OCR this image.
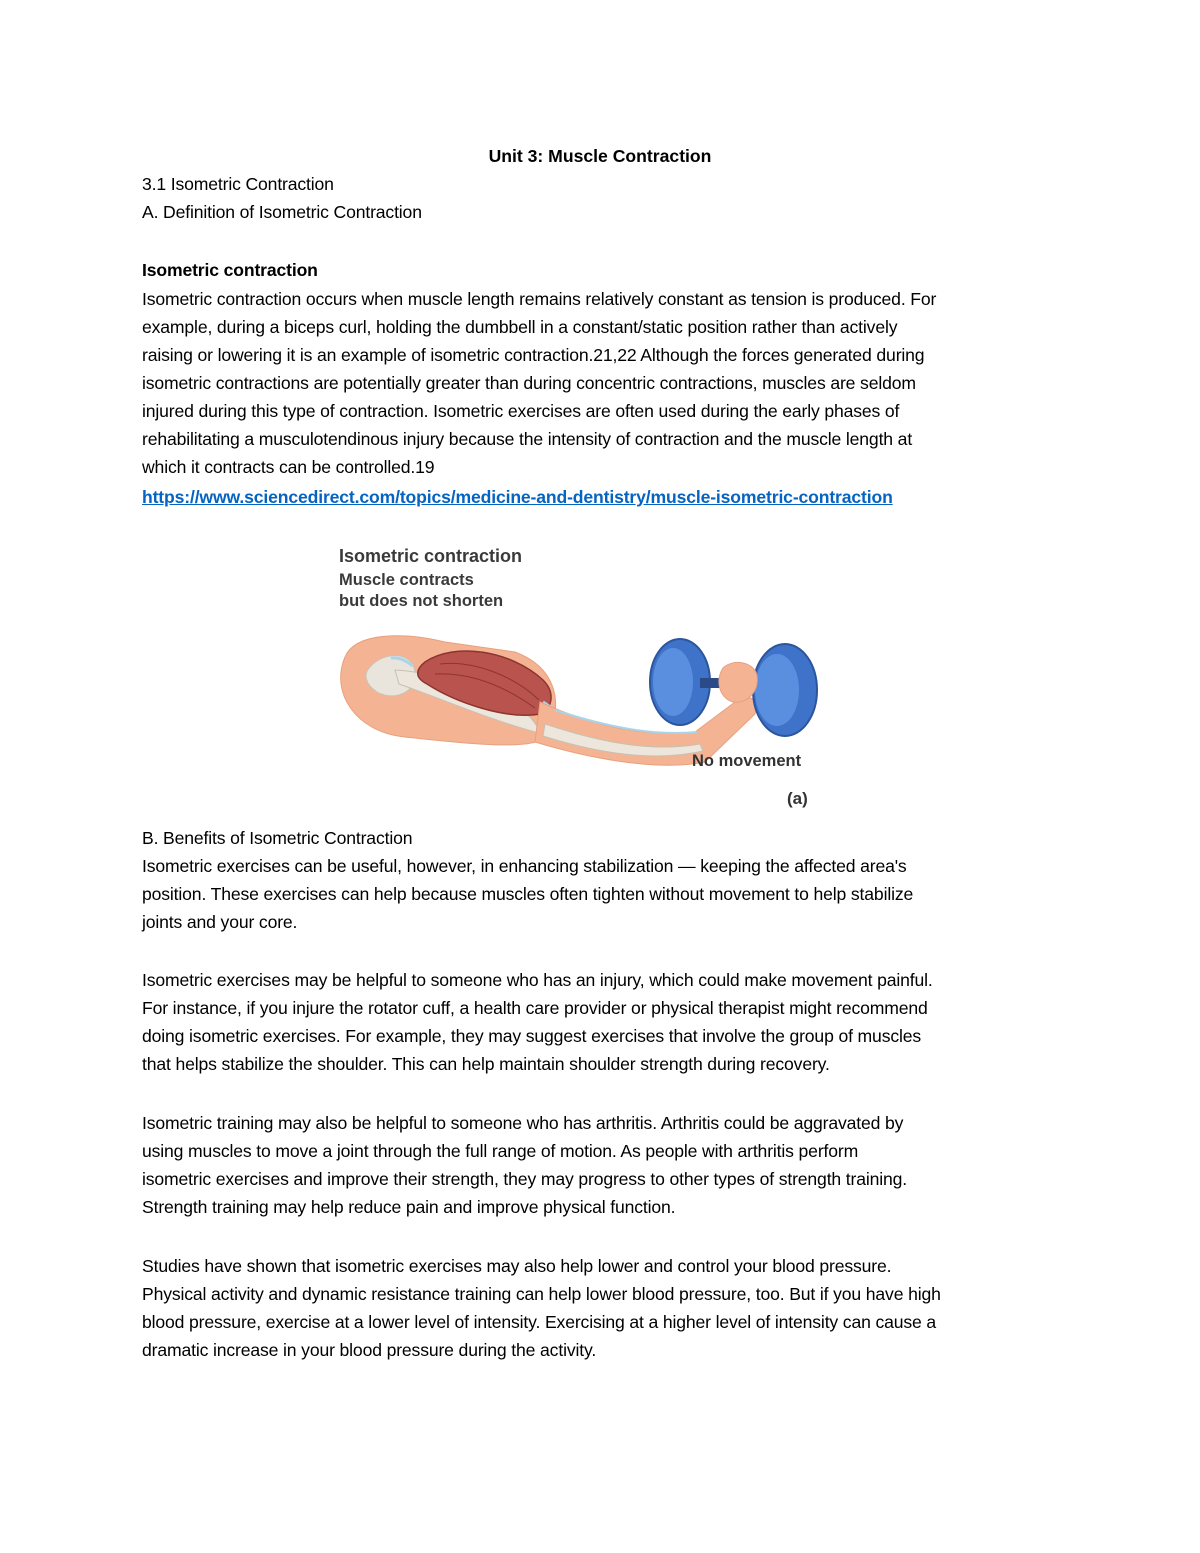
Unit 3: Muscle Contraction
3.1 Isometric Contraction
A. Definition of Isometric Contraction
Isometric contraction
Isometric contraction occurs when muscle length remains relatively constant as tension is produced. For
example, during a biceps curl, holding the dumbbell in a constant/static position rather than actively
raising or lowering it is an example of isometric contraction.21,22 Although the forces generated during
isometric contractions are potentially greater than during concentric contractions, muscles are seldom
injured during this type of contraction. Isometric exercises are often used during the early phases of
rehabilitating a musculotendinous injury because the intensity of contraction and the muscle length at
which it contracts can be controlled.19
https://www.sciencedirect.com/topics/medicine-and-dentistry/muscle-isometric-contraction
Isometric contraction
Muscle contracts
but does not shorten
No movement
(a)
B. Benefits of Isometric Contraction
Isometric exercises can be useful, however, in enhancing stabilization — keeping the affected area's
position. These exercises can help because muscles often tighten without movement to help stabilize
joints and your core.
Isometric exercises may be helpful to someone who has an injury, which could make movement painful.
For instance, if you injure the rotator cuff, a health care provider or physical therapist might recommend
doing isometric exercises. For example, they may suggest exercises that involve the group of muscles
that helps stabilize the shoulder. This can help maintain shoulder strength during recovery.
Isometric training may also be helpful to someone who has arthritis. Arthritis could be aggravated by
using muscles to move a joint through the full range of motion. As people with arthritis perform
isometric exercises and improve their strength, they may progress to other types of strength training.
Strength training may help reduce pain and improve physical function.
Studies have shown that isometric exercises may also help lower and control your blood pressure.
Physical activity and dynamic resistance training can help lower blood pressure, too. But if you have high
blood pressure, exercise at a lower level of intensity. Exercising at a higher level of intensity can cause a
dramatic increase in your blood pressure during the activity.
